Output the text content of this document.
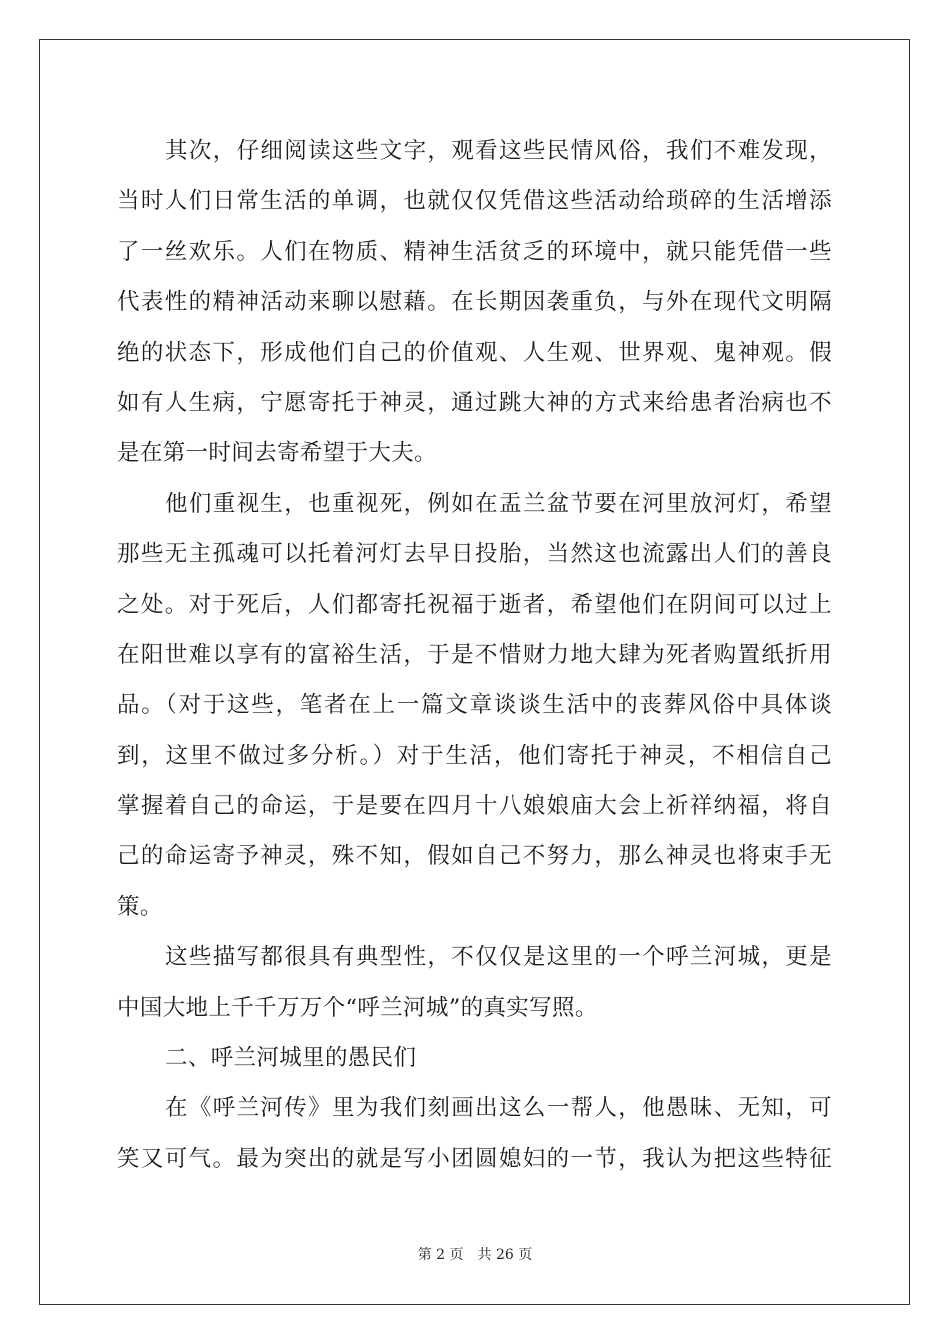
其次，仔细阅读这些文字，观看这些民情风俗，我们不难发现，
当时人们日常生活的单调，也就仅仅凭借这些活动给琐碎的生活增添
了一丝欢乐。人们在物质、精神生活贫乏的环境中，就只能凭借一些
代表性的精神活动来聊以慰藉。在长期因袭重负，与外在现代文明隔
绝的状态下，形成他们自己的价值观、人生观、世界观、鬼神观。假
如有人生病，宁愿寄托于神灵，通过跳大神的方式来给患者治病也不
是在第一时间去寄希望于大夫。
他们重视生，也重视死，例如在盂兰盆节要在河里放河灯，希望
那些无主孤魂可以托着河灯去早日投胎，当然这也流露出人们的善良
之处。对于死后，人们都寄托祝福于逝者，希望他们在阴间可以过上
在阳世难以享有的富裕生活，于是不惜财力地大肆为死者购置纸折用
品。（对于这些，笔者在上一篇文章谈谈生活中的丧葬风俗中具体谈
到，这里不做过多分析。）对于生活，他们寄托于神灵，不相信自己
掌握着自己的命运，于是要在四月十八娘娘庙大会上祈祥纳福，将自
己的命运寄予神灵，殊不知，假如自己不努力，那么神灵也将束手无
策。
这些描写都很具有典型性，不仅仅是这里的一个呼兰河城，更是
中国大地上千千万万个“呼兰河城”的真实写照。
二、呼兰河城里的愚民们
在《呼兰河传》里为我们刻画出这么一帮人，他愚昧、无知，可
笑又可气。最为突出的就是写小团圆媳妇的一节，我认为把这些特征
第 2 页 共 26 页
